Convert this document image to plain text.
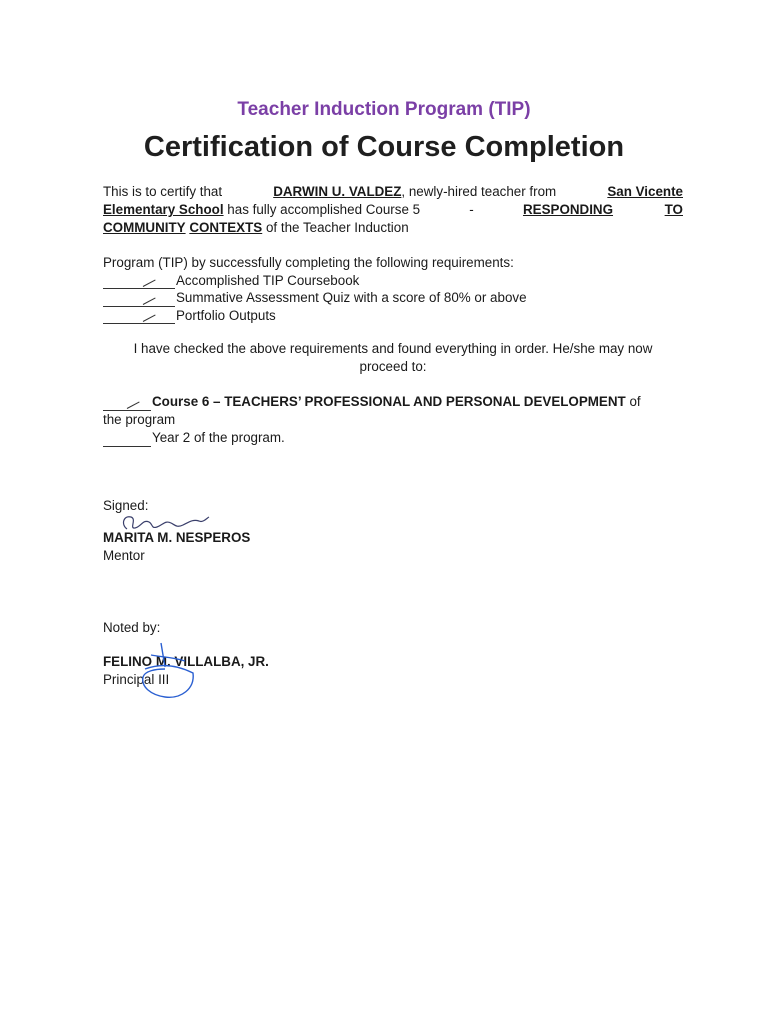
Teacher Induction Program (TIP)
Certification of Course Completion
This is to certify that	DARWIN U. VALDEZ, newly-hired teacher from	San Vicente
Elementary School has fully accomplished Course 5	-	RESPONDING	TO
COMMUNITY CONTEXTS of the Teacher Induction
Program (TIP) by successfully completing the following requirements:
Accomplished TIP Coursebook
Summative Assessment Quiz with a score of 80% or above
Portfolio Outputs
I have checked the above requirements and found everything in order. He/she may now
proceed to:
Course 6 – TEACHERS’ PROFESSIONAL AND PERSONAL DEVELOPMENT
of
the program
Year 2 of the program.
Signed:
MARITA M. NESPEROS
Mentor
Noted by:
FELINO M. VILLALBA, JR.
Principal III
